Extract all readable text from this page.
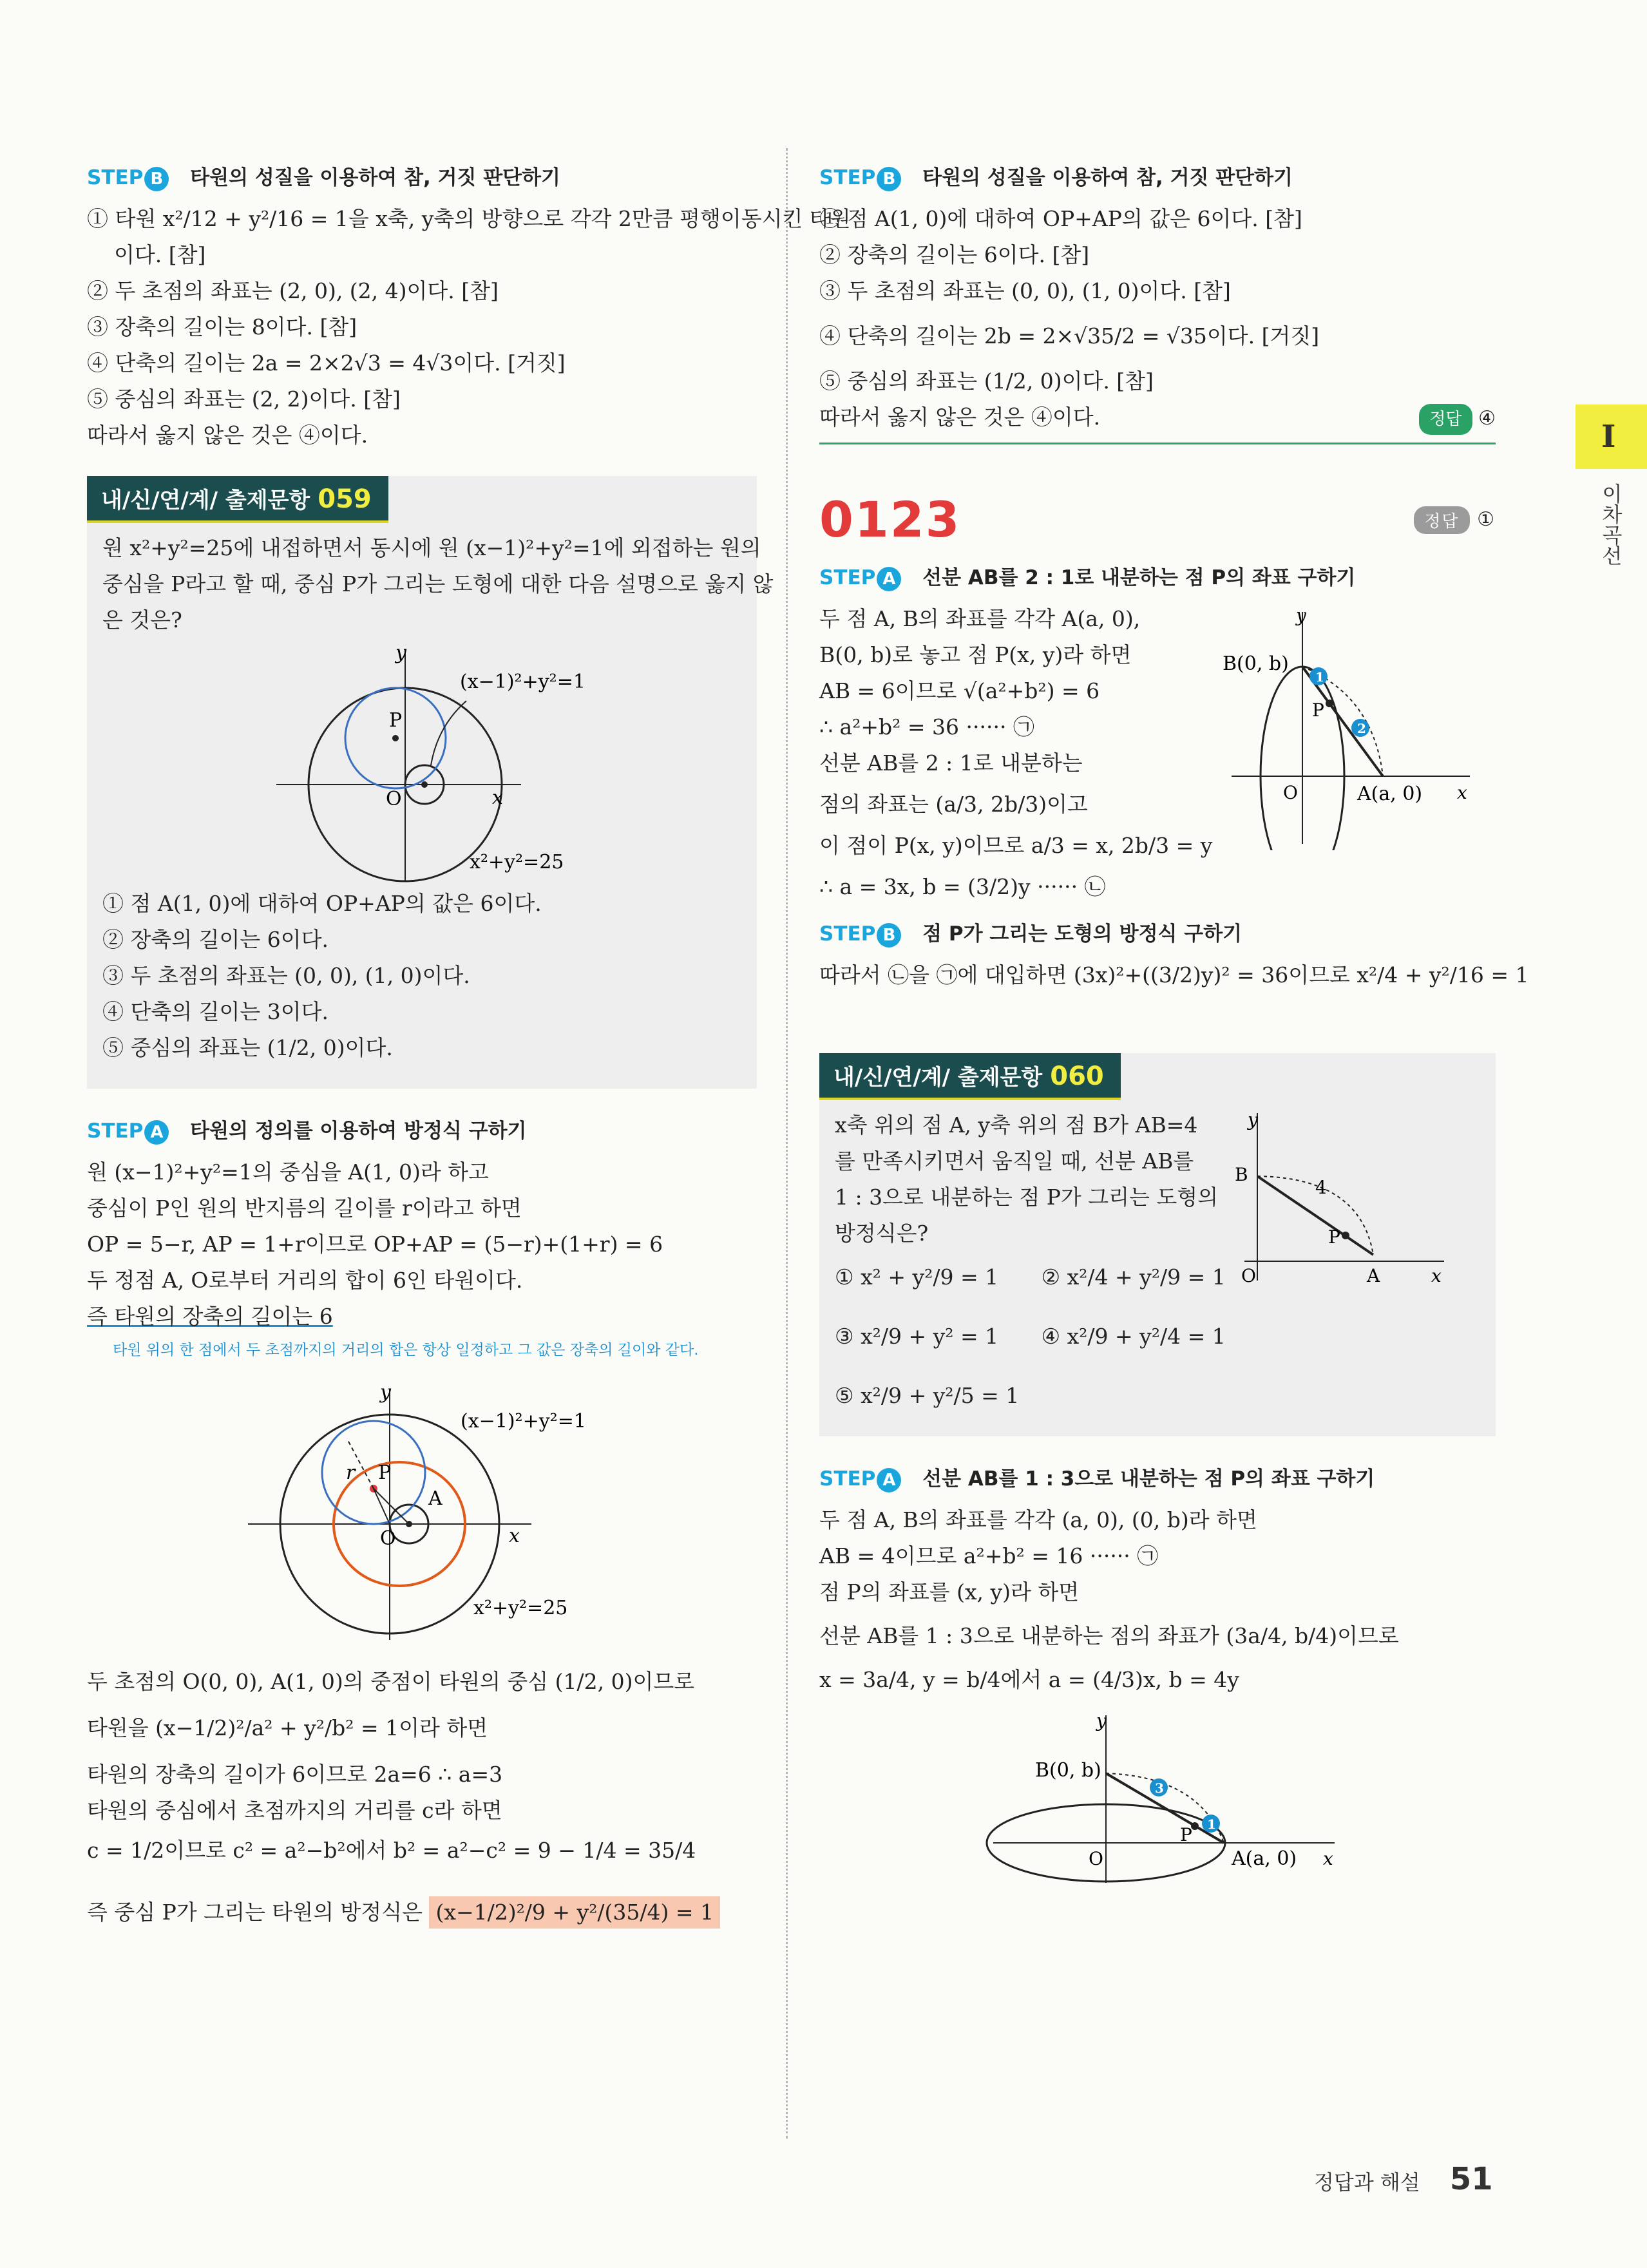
STEP B 타원의 성질을 이용하여 참, 거짓 판단하기
① 타원 x²/12 + y²/16 = 1을 x축, y축의 방향으로 각각 2만큼 평행이동시킨 타원
이다. [참]
② 두 초점의 좌표는 (2, 0), (2, 4)이다. [참]
③ 장축의 길이는 8이다. [참]
④ 단축의 길이는 2a = 2×2√3 = 4√3이다. [거짓]
⑤ 중심의 좌표는 (2, 2)이다. [참]
따라서 옳지 않은 것은 ④이다.
내/신/연/계/ 출제문항 059
원 x²+y²=25에 내접하면서 동시에 원 (x−1)²+y²=1에 외접하는 원의
중심을 P라고 할 때, 중심 P가 그리는 도형에 대한 다음 설명으로 옳지 않
은 것은?
y
(x−1)²+y²=1
P
O	x
x²+y²=25
① 점 A(1, 0)에 대하여 OP+AP의 값은 6이다.
② 장축의 길이는 6이다.
③ 두 초점의 좌표는 (0, 0), (1, 0)이다.
④ 단축의 길이는 3이다.
⑤ 중심의 좌표는 (1/2, 0)이다.
STEP A 타원의 정의를 이용하여 방정식 구하기
원 (x−1)²+y²=1의 중심을 A(1, 0)라 하고
중심이 P인 원의 반지름의 길이를 r이라고 하면
OP = 5−r, AP = 1+r이므로 OP+AP = (5−r)+(1+r) = 6
두 정점 A, O로부터 거리의 합이 6인 타원이다.
즉 타원의 장축의 길이는 6
타원 위의 한 점에서 두 초점까지의 거리의 합은 항상 일정하고 그 값은 장축의 길이와 같다.
y
(x−1)²+y²=1
r P
A
O	x
x²+y²=25
두 초점의 O(0, 0), A(1, 0)의 중점이 타원의 중심 (1/2, 0)이므로
타원을 (x−1/2)²/a² + y²/b² = 1이라 하면
타원의 장축의 길이가 6이므로 2a=6 ∴ a=3
타원의 중심에서 초점까지의 거리를 c라 하면
c = 1/2이므로 c² = a²−b²에서 b² = a²−c² = 9 − 1/4 = 35/4
즉 중심 P가 그리는 타원의 방정식은 (x−1/2)²/9 + y²/(35/4) = 1
STEP B 타원의 성질을 이용하여 참, 거짓 판단하기
① 점 A(1, 0)에 대하여 OP+AP의 값은 6이다. [참]
② 장축의 길이는 6이다. [참]
③ 두 초점의 좌표는 (0, 0), (1, 0)이다. [참]
④ 단축의 길이는 2b = 2×√35/2 = √35이다. [거짓]
⑤ 중심의 좌표는 (1/2, 0)이다. [참]
따라서 옳지 않은 것은 ④이다.	정답 ④
0123	정답 ①
STEP A 선분 AB를 2 : 1로 내분하는 점 P의 좌표 구하기
두 점 A, B의 좌표를 각각 A(a, 0),
B(0, b)로 놓고 점 P(x, y)라 하면
AB = 6이므로 √(a²+b²) = 6
∴ a²+b² = 36 ······ ㉠
선분 AB를 2 : 1로 내분하는
점의 좌표는 (a/3, 2b/3)이고
이 점이 P(x, y)이므로 a/3 = x, 2b/3 = y
∴ a = 3x, b = (3/2)y ······ ㉡
1
2
y
B(0, b)
P
O	A(a, 0) x
STEP B 점 P가 그리는 도형의 방정식 구하기
따라서 ㉡을 ㉠에 대입하면 (3x)²+((3/2)y)² = 36이므로 x²/4 + y²/16 = 1
내/신/연/계/ 출제문항 060
x축 위의 점 A, y축 위의 점 B가 AB=4
를 만족시키면서 움직일 때, 선분 AB를
1 : 3으로 내분하는 점 P가 그리는 도형의
방정식은?
① x² + y²/9 = 1 ② x²/4 + y²/9 = 1
③ x²/9 + y² = 1 ④ x²/9 + y²/4 = 1
⑤ x²/9 + y²/5 = 1
y
B
4
P
O	A	x
STEP A 선분 AB를 1 : 3으로 내분하는 점 P의 좌표 구하기
두 점 A, B의 좌표를 각각 (a, 0), (0, b)라 하면
AB = 4이므로 a²+b² = 16 ······ ㉠
점 P의 좌표를 (x, y)라 하면
선분 AB를 1 : 3으로 내분하는 점의 좌표가 (3a/4, b/4)이므로
x = 3a/4, y = b/4에서 a = (4/3)x, b = 4y
3
1
y
B(0, b)
P
O	A(a, 0) x
I
이차곡선
정답과 해설 51
